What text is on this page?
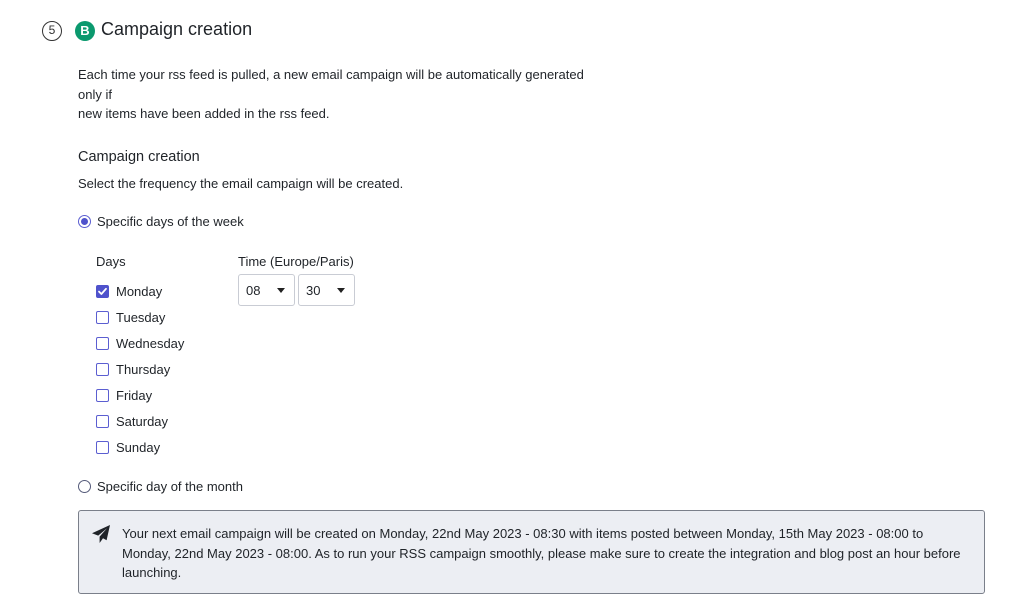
5	B Campaign creation
Each time your rss feed is pulled, a new email campaign will be automatically generated
only if
new items have been added in the rss feed.
Campaign creation
Select the frequency the email campaign will be created.
Specific days of the week
Days	Time (Europe/Paris)
Monday
Tuesday
Wednesday
Thursday
Friday
Saturday
Sunday
08	30
Specific day of the month
Your next email campaign will be created on Monday, 22nd May 2023 - 08:30 with items posted between Monday, 15th May 2023 - 08:00 to Monday, 22nd May 2023 - 08:00. As to run your RSS campaign smoothly, please make sure to create the integration and blog post an hour before launching.
